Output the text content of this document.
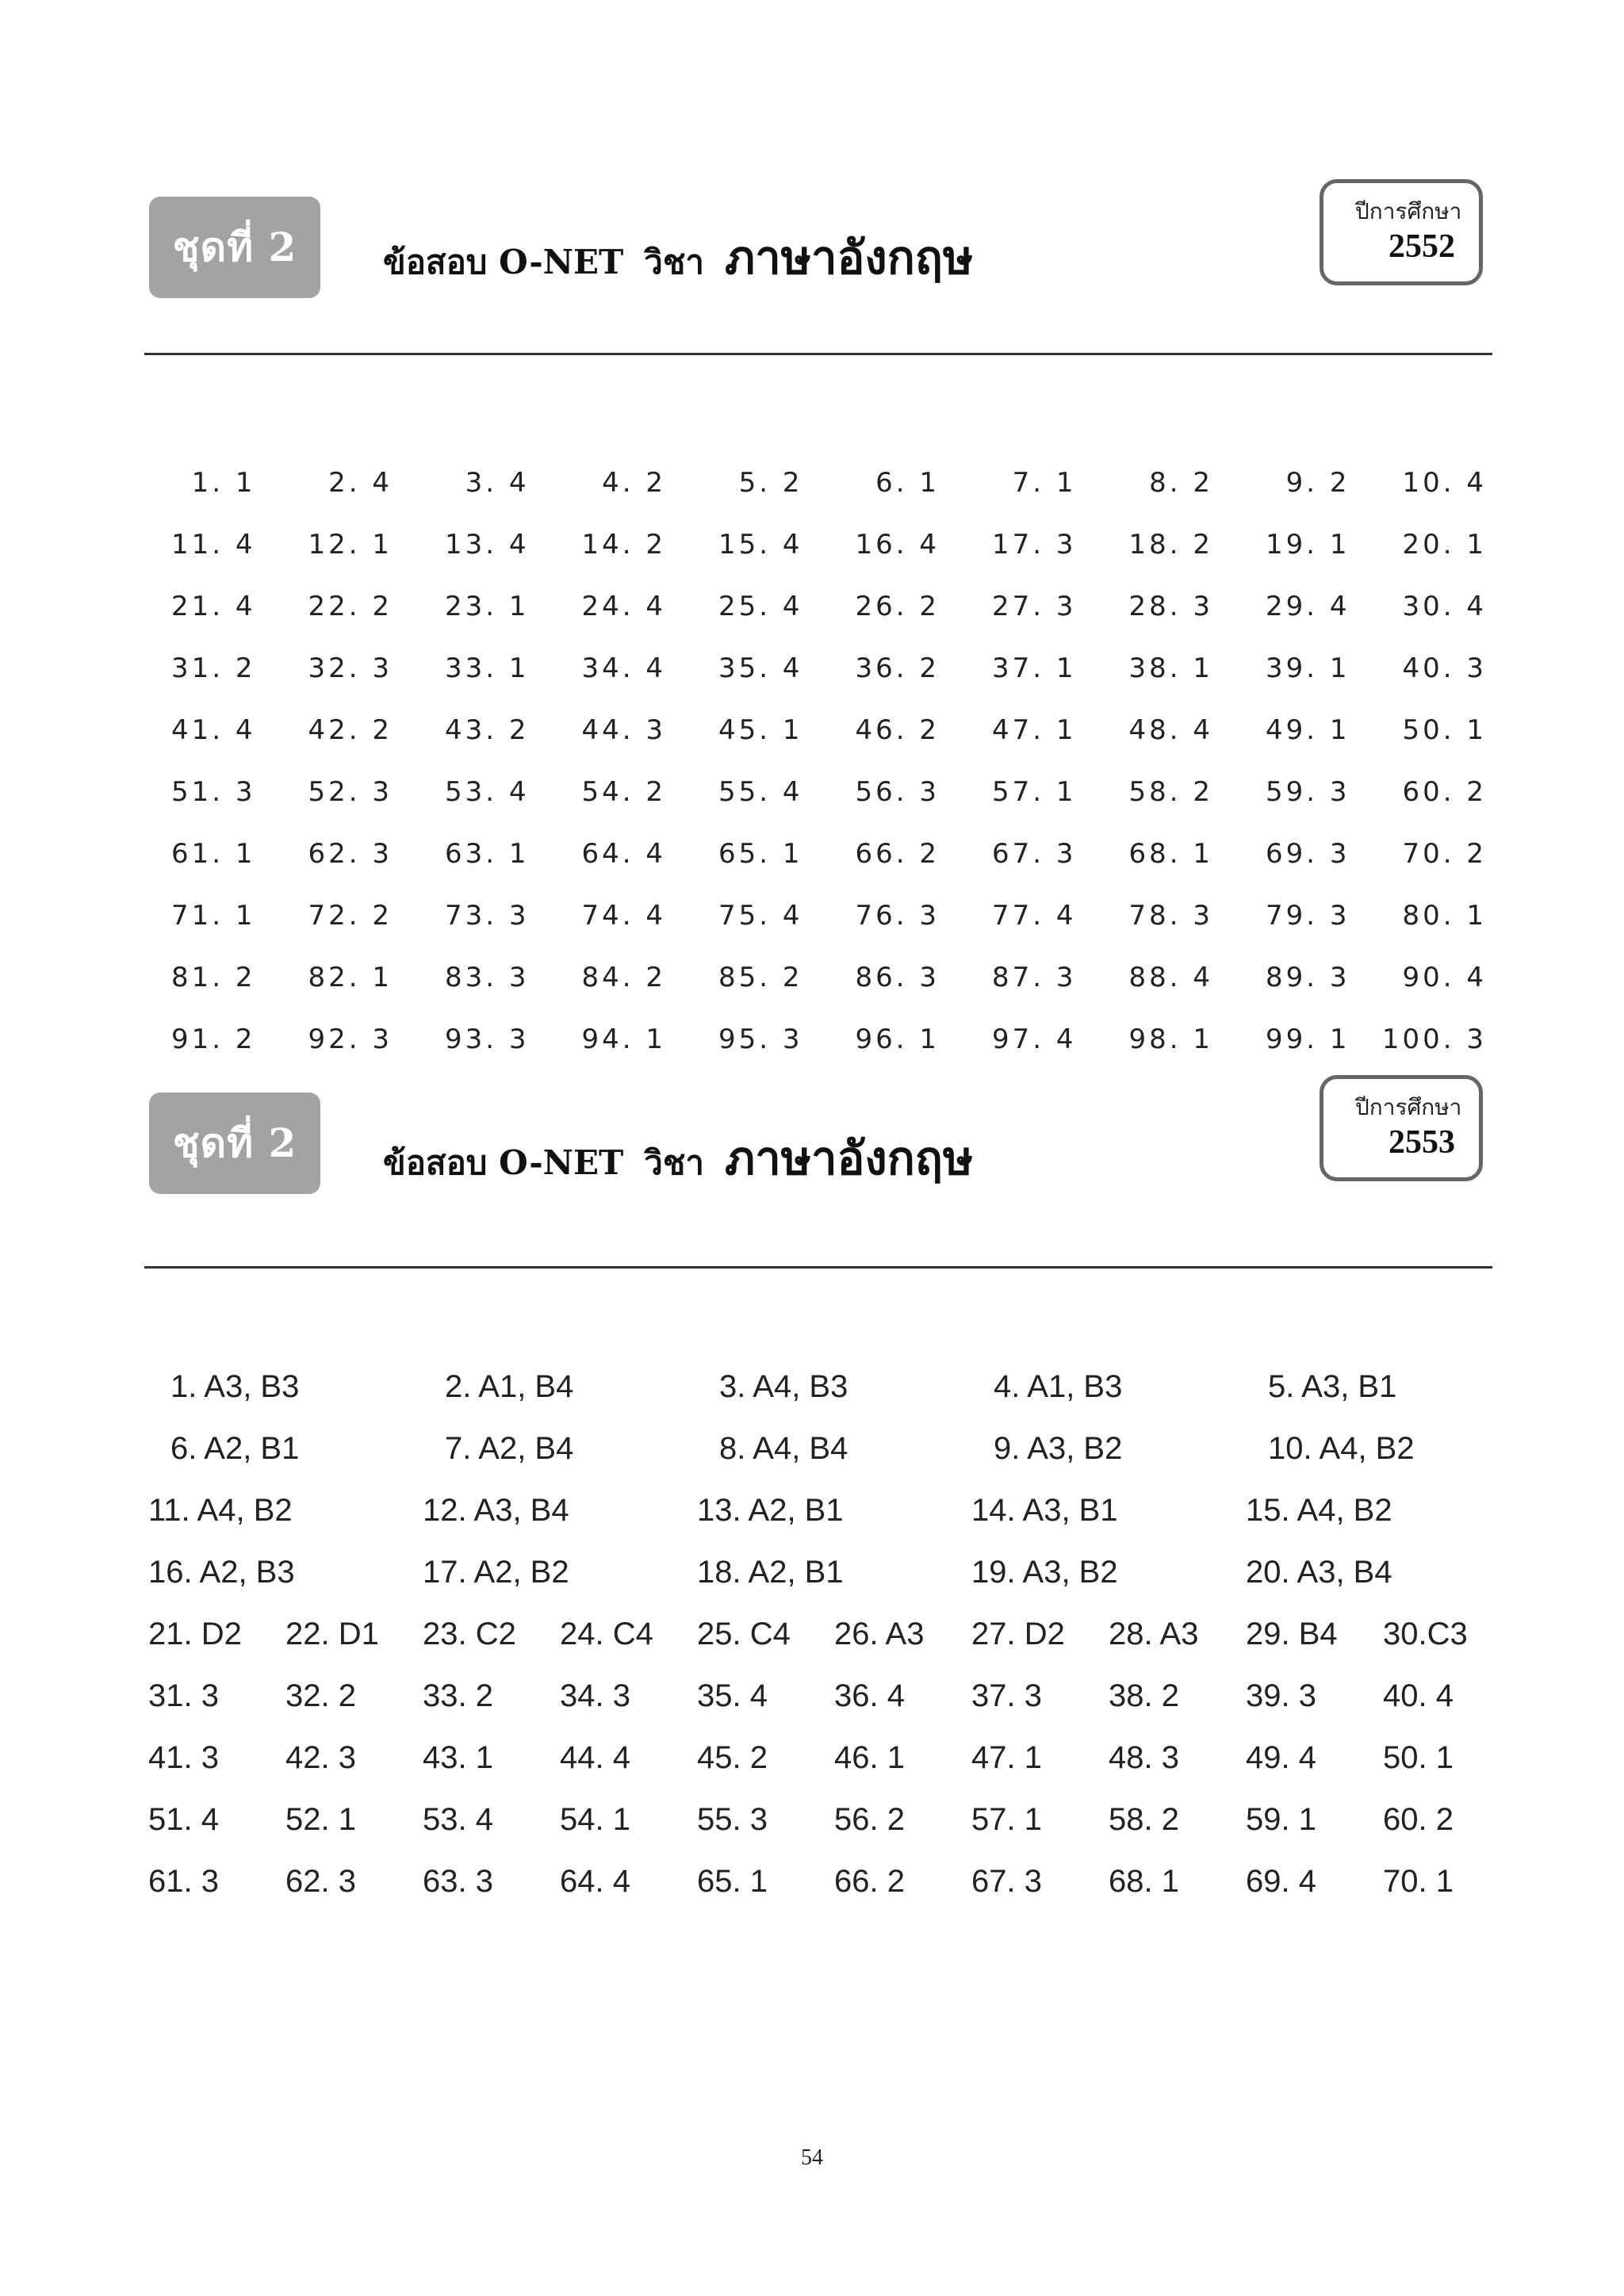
ชุดที่ 2	ข้อสอบ O-NET วิชา ภาษาอังกฤษ
ปีการศึกษา
2552
1. 1	2. 4	3. 4	4. 2	5. 2	6. 1	7. 1	8. 2	9. 2	10. 4
11. 4	12. 1	13. 4	14. 2	15. 4	16. 4	17. 3	18. 2	19. 1	20. 1
21. 4	22. 2	23. 1	24. 4	25. 4	26. 2	27. 3	28. 3	29. 4	30. 4
31. 2	32. 3	33. 1	34. 4	35. 4	36. 2	37. 1	38. 1	39. 1	40. 3
41. 4	42. 2	43. 2	44. 3	45. 1	46. 2	47. 1	48. 4	49. 1	50. 1
51. 3	52. 3	53. 4	54. 2	55. 4	56. 3	57. 1	58. 2	59. 3	60. 2
61. 1	62. 3	63. 1	64. 4	65. 1	66. 2	67. 3	68. 1	69. 3	70. 2
71. 1	72. 2	73. 3	74. 4	75. 4	76. 3	77. 4	78. 3	79. 3	80. 1
81. 2	82. 1	83. 3	84. 2	85. 2	86. 3	87. 3	88. 4	89. 3	90. 4
91. 2	92. 3	93. 3	94. 1	95. 3	96. 1	97. 4	98. 1	99. 1	100. 3
ชุดที่ 2	ข้อสอบ O-NET วิชา ภาษาอังกฤษ
ปีการศึกษา
2553
1. A3, B3	2. A1, B4	3. A4, B3	4. A1, B3	5. A3, B1
6. A2, B1	7. A2, B4	8. A4, B4	9. A3, B2	10. A4, B2
11. A4, B2	12. A3, B4	13. A2, B1	14. A3, B1	15. A4, B2
16. A2, B3	17. A2, B2	18. A2, B1	19. A3, B2	20. A3, B4
21. D2	22. D1	23. C2	24. C4	25. C4	26. A3	27. D2	28. A3	29. B4	30.C3
31. 3	32. 2	33. 2	34. 3	35. 4	36. 4	37. 3	38. 2	39. 3	40. 4
41. 3	42. 3	43. 1	44. 4	45. 2	46. 1	47. 1	48. 3	49. 4	50. 1
51. 4	52. 1	53. 4	54. 1	55. 3	56. 2	57. 1	58. 2	59. 1	60. 2
61. 3	62. 3	63. 3	64. 4	65. 1	66. 2	67. 3	68. 1	69. 4	70. 1
54
